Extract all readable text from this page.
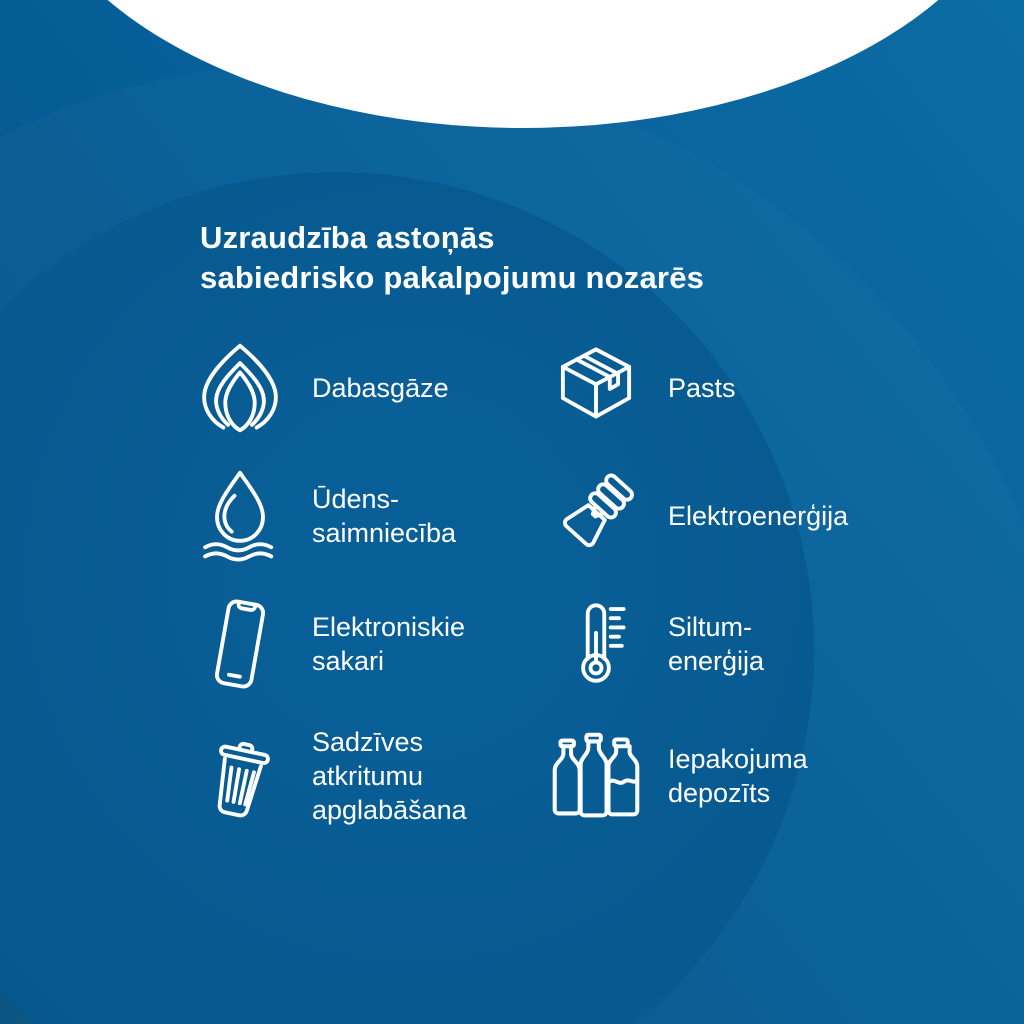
Uzraudzība astoņās
sabiedrisko pakalpojumu nozarēs
Dabasgāze
Ūdens-
saimniecība
Elektroniskie
sakari
Sadzīves
atkritumu
apglabāšana
Pasts
Elektroenerģija
Siltum-
enerģija
Iepakojuma
depozīts
